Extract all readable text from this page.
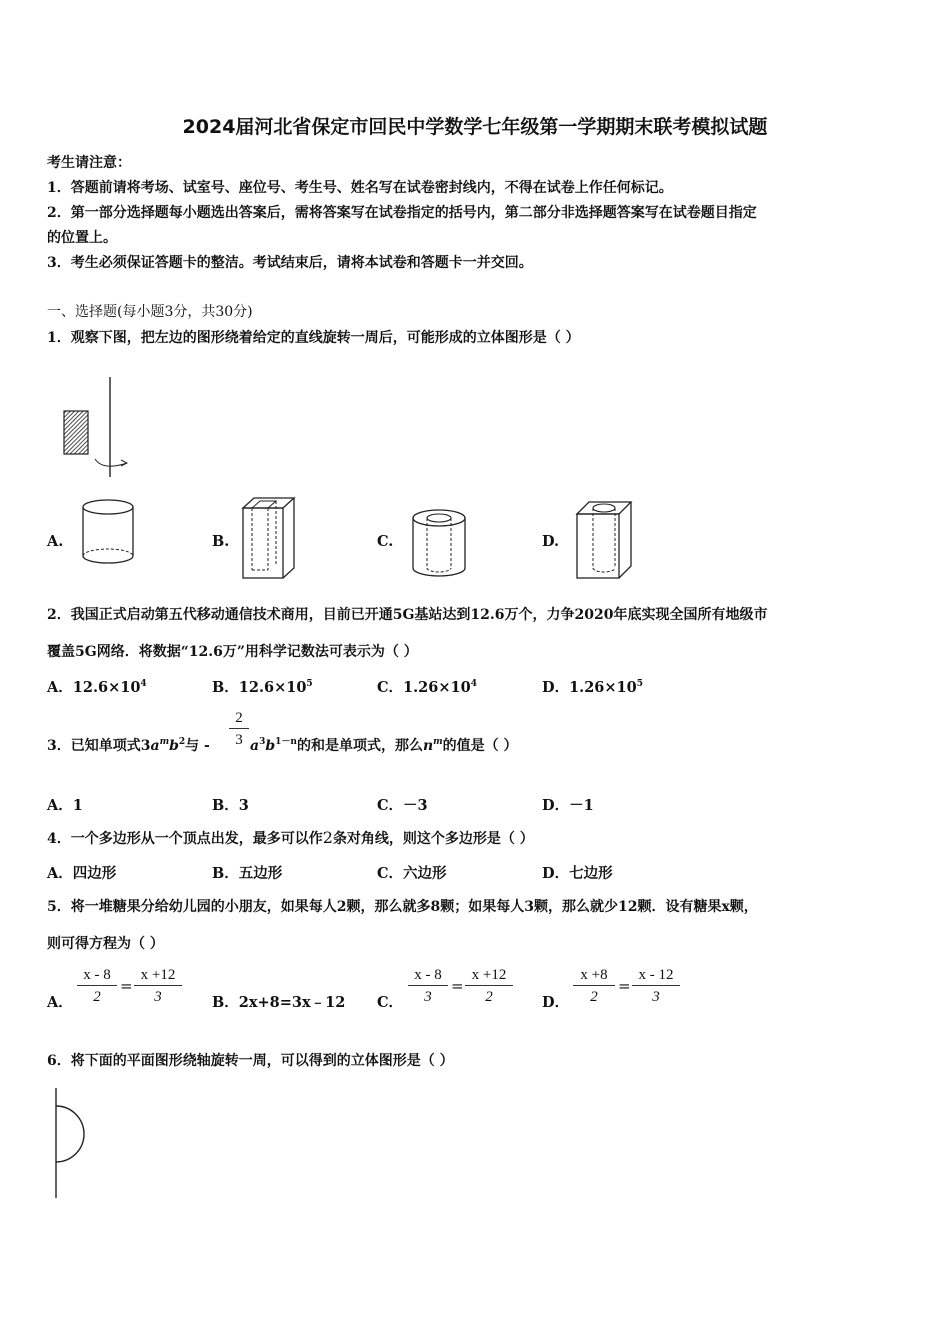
2024届河北省保定市回民中学数学七年级第一学期期末联考模拟试题
考生请注意：
1．答题前请将考场、试室号、座位号、考生号、姓名写在试卷密封线内，不得在试卷上作任何标记。
2．第一部分选择题每小题选出答案后，需将答案写在试卷指定的括号内，第二部分非选择题答案写在试卷题目指定
的位置上。
3．考生必须保证答题卡的整洁。考试结束后，请将本试卷和答题卡一并交回。
一、选择题(每小题3分，共30分)
1．观察下图，把左边的图形绕着给定的直线旋转一周后，可能形成的立体图形是（ ）
A.	B.	C.	D.
2．我国正式启动第五代移动通信技术商用，目前已开通5G基站达到12.6万个，力争2020年底实现全国所有地级市
覆盖5G网络．将数据“12.6万”用科学记数法可表示为（ ）
A．$12.6\times 10^4$	B．$12.6\times 10^5$	C．$1.26\times 10^4$	D．$1.26\times 10^5$
3．已知单项式$3a^mb^2$与 - $\frac{2}{3} a^3b^{1-n}$的和是单项式，那么$n^m$的值是（ ）
A．1	B．3	C．－3	D．－1
4．一个多边形从一个顶点出发，最多可以作2条对角线，则这个多边形是（ ）
A．四边形	B．五边形	C．六边形	D．七边形
5．将一堆糖果分给幼儿园的小朋友，如果每人2颗，那么就多8颗；如果每人3颗，那么就少12颗．设有糖果x颗，
则可得方程为（ ）
A． $\frac{x - 8}{2} = \frac{x +12}{3}$ B．2x+8=3x﹣12 C． $\frac{x - 8}{3} = \frac{x +12}{2}$ D． $\frac{x +8}{2} = \frac{x - 12}{3}$
6．将下面的平面图形绕轴旋转一周，可以得到的立体图形是（ ）
